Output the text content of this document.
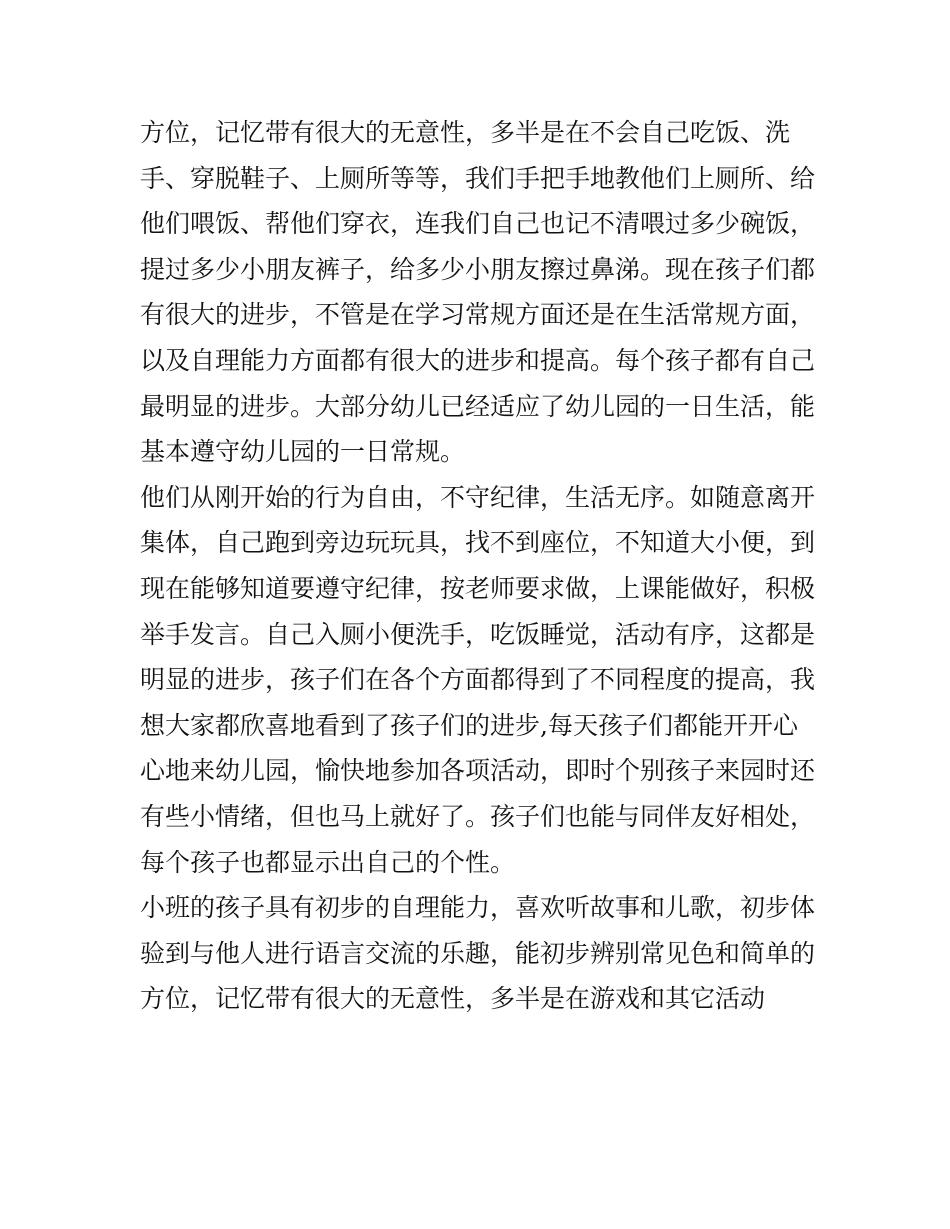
方位，记忆带有很大的无意性，多半是在不会自己吃饭、洗
手、穿脱鞋子、上厕所等等，我们手把手地教他们上厕所、给
他们喂饭、帮他们穿衣，连我们自己也记不清喂过多少碗饭，
提过多少小朋友裤子，给多少小朋友擦过鼻涕。现在孩子们都
有很大的进步，不管是在学习常规方面还是在生活常规方面，
以及自理能力方面都有很大的进步和提高。每个孩子都有自己
最明显的进步。大部分幼儿已经适应了幼儿园的一日生活，能
基本遵守幼儿园的一日常规。
他们从刚开始的行为自由，不守纪律，生活无序。如随意离开
集体，自己跑到旁边玩玩具，找不到座位，不知道大小便，到
现在能够知道要遵守纪律，按老师要求做，上课能做好，积极
举手发言。自己入厕小便洗手，吃饭睡觉，活动有序，这都是
明显的进步，孩子们在各个方面都得到了不同程度的提高，我
想大家都欣喜地看到了孩子们的进步,每天孩子们都能开开心
心地来幼儿园，愉快地参加各项活动，即时个别孩子来园时还
有些小情绪，但也马上就好了。孩子们也能与同伴友好相处，
每个孩子也都显示出自己的个性。
小班的孩子具有初步的自理能力，喜欢听故事和儿歌，初步体
验到与他人进行语言交流的乐趣，能初步辨别常见色和简单的
方位，记忆带有很大的无意性，多半是在游戏和其它活动
